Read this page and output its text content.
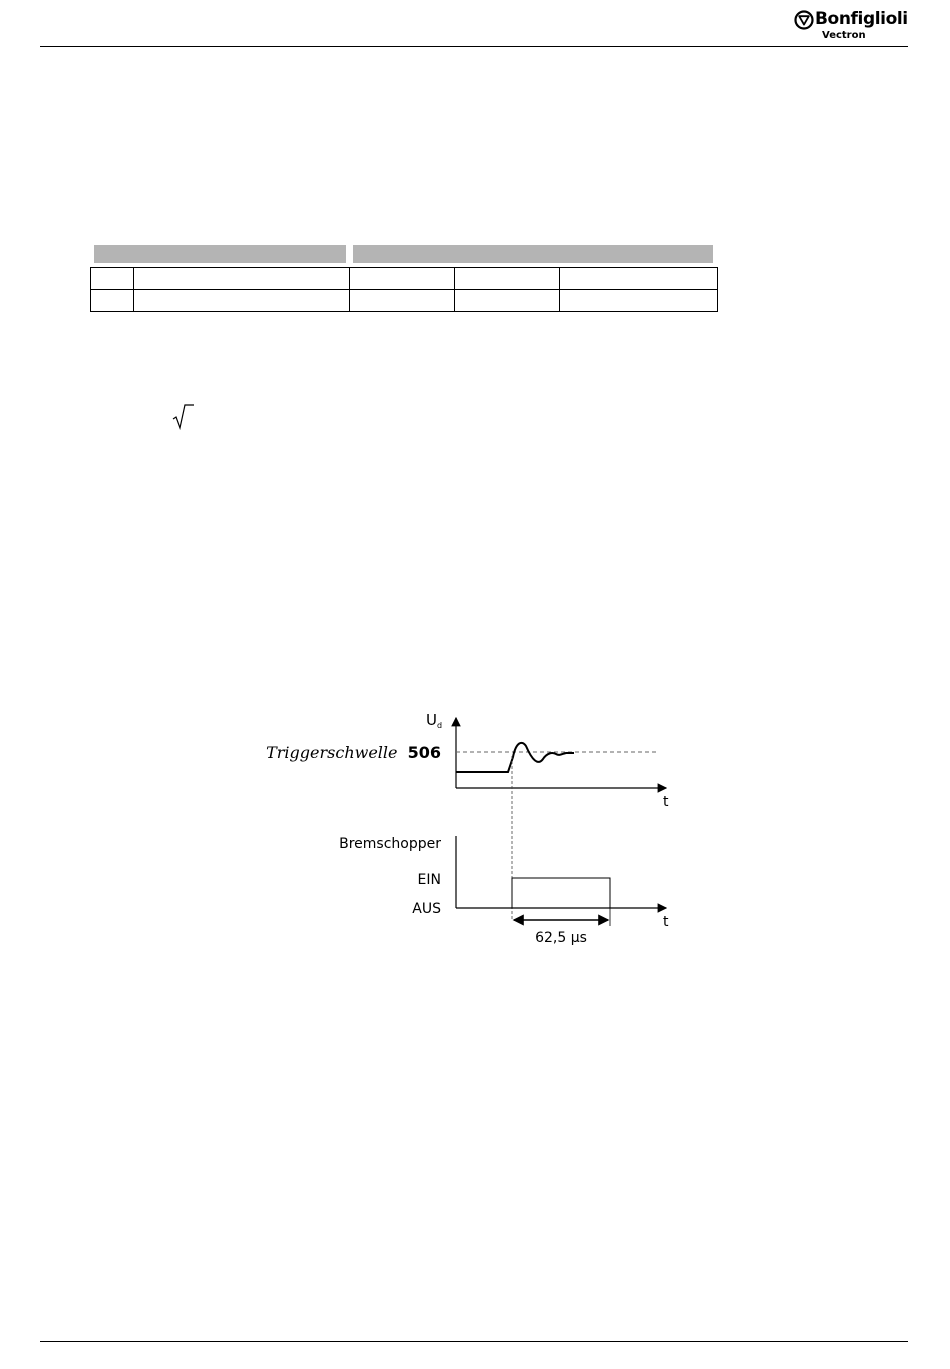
Bonfiglioli
Vectron

U d
Triggerschwelle 506
t
Bremschopper
EIN
AUS
t
62,5 µs
